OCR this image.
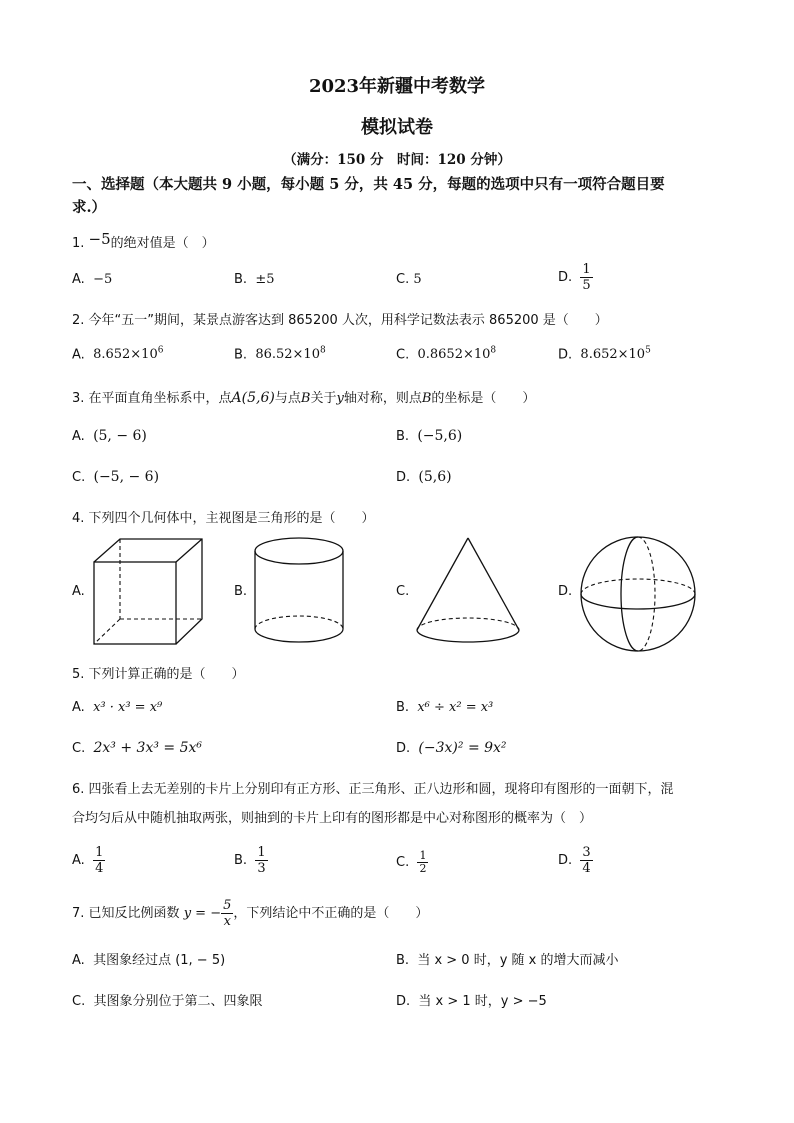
2023年新疆中考数学
模拟试卷
（满分：150 分　时间：120 分钟）
一、选择题（本大题共 9 小题，每小题 5 分，共 45 分，每题的选项中只有一项符合题目要
求.）
1. −5的绝对值是（　）
A. −5	B. ±5	C. 5	D. $\frac{1}{5}$
2. 今年“五一”期间，某景点游客达到 865200 人次，用科学记数法表示 865200 是（　　）
A. $8.652\times 10^6$	B. $86.52\times 10^8$	C. $0.8652\times 10^8$	D. $8.652\times 10^5$
3. 在平面直角坐标系中，点A(5,6)与点B关于y轴对称，则点B的坐标是（　　）
A. (5, − 6)	B. (−5,6)
C. (−5, − 6)	D. (5,6)
4. 下列四个几何体中，主视图是三角形的是（　　）
A.	B.	C.	D.
5. 下列计算正确的是（　　）
A. x³ · x³ = x⁹	B. x⁶ ÷ x² = x³
C. 2x³ + 3x³ = 5x⁶	D. (−3x)² = 9x²
6. 四张看上去无差别的卡片上分别印有正方形、正三角形、正八边形和圆，现将印有图形的一面朝下，混
合均匀后从中随机抽取两张，则抽到的卡片上印有的图形都是中心对称图形的概率为（　）
A. $\frac{1}{4}$	B. $\frac{1}{3}$	C. $\frac{1}{2}$	D. $\frac{3}{4}$
7. 已知反比例函数 y = − $\frac{5}{x}$ ，下列结论中不正确的是（　　）
A. 其图象经过点 (1, − 5)	B. 当 x > 0 时，y 随 x 的增大而减小
C. 其图象分别位于第二、四象限	D. 当 x > 1 时，y > −5
